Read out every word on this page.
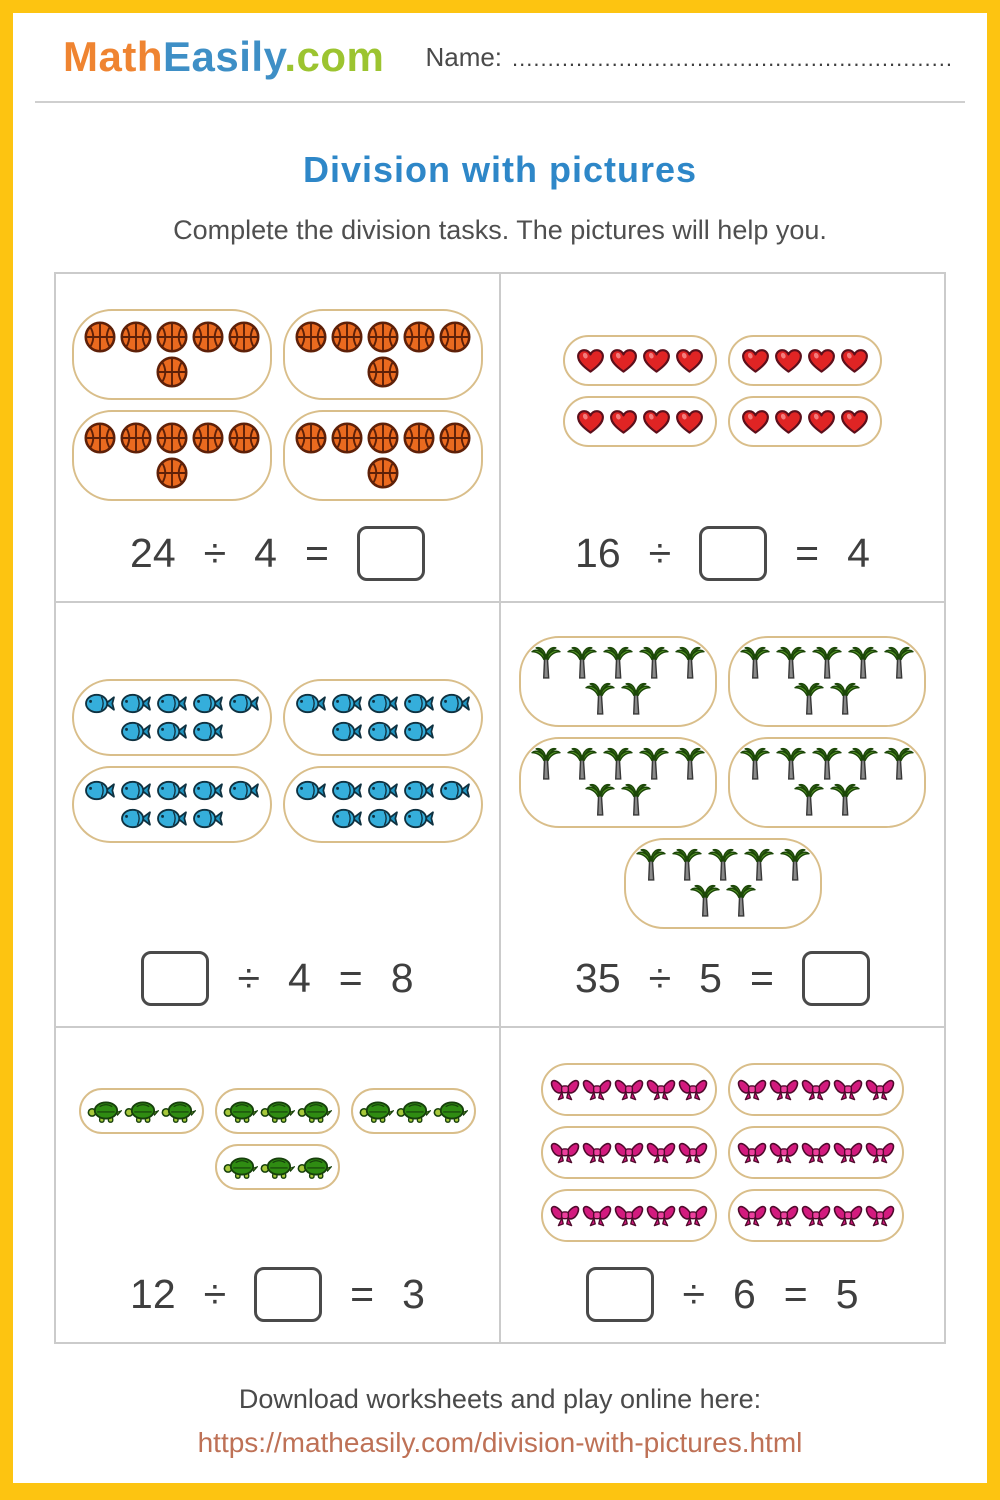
MathEasily.com Name: ..............................................................
Division with pictures

Complete the division tasks. The pictures will help you.

24 ÷ 4 =	16 ÷	= 4
÷ 4 = 8	35 ÷ 5 =
12 ÷	= 3	÷ 6 = 5

Download worksheets and play online here:

https://matheasily.com/division-with-pictures.html
